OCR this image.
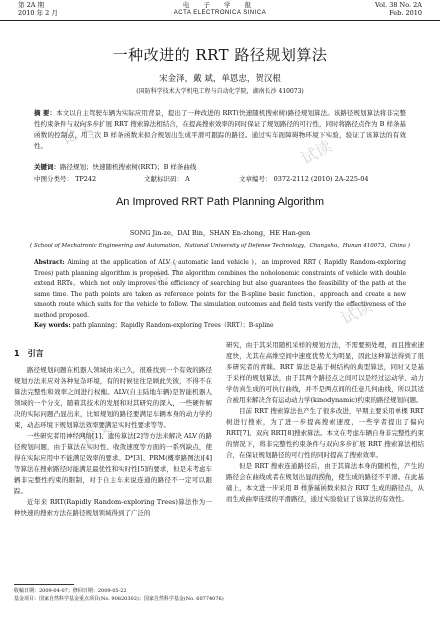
论文
试读
论文
试读
论文
试读
第 2A 期
2010 年 2 月
电 子 学 报
ACTA ELECTRONICA SINICA
Vol. 38 No. 2A
Feb. 2010
一种改进的 RRT 路径规划算法
宋金泽，戴 斌，单恩忠，贺汉根
(国防科学技术大学机电工程与自动化学院，湖南长沙 410073)
摘 要：本文以自主驾驶车辆为实际应用背景，提出了一种改进的 RRT(快速随机搜索树)路径规划算法。该路径规划算法将非完整性约束条件与双向多步扩展 RRT 搜索算法相结合，在提高搜索效率的同时保证了规划路径的可行性，同时将路径点作为 B 样条基函数的控制点，用三次 B 样条函数来拟合规划出生成平滑可跟踪的路径。通过实车面障碍物环境下实验，验证了该算法的有效性。
关键词：路径规划；快速随机搜索树(RRT)；B 样条曲线
中图分类号： TP242	文献标识码： A	文章编号： 0372-2112 (2010) 2A-225-04
An Improved RRT Path Planning Algorithm
SONG Jin-ze，DAI Bin，SHAN En-zhong，HE Han-gen
( School of Mechatronic Engineering and Automation，National University of Defense Technology，Changsha，Hunan 410073，China )
Abstract: Aiming at the application of ALV ( automatic land vehicle )，an improved RRT ( Rapidly Random-exploring Trees) path planning algorithm is proposed. The algorithm combines the noholonomic constraints of vehicle with double extend RRTs，which not only improves the efficiency of searching but also guarantees the feasibility of the path at the same time. The path points are taken as reference points for the B-spline basic function，approach and create a new smooth route which suits for the vehicle to follow. The simulation outcomes and field tests verify the effectiveness of the method proposed.
Key words: path planning；Rapidly Random-exploring Trees（RRT）；B-spline
1　引言

路径规划问题在机器人领域由来已久，很难找到一个有效的路径规划方法来应对各种复杂环境，有的时候往往是顾此失彼，不得不在算法完整性和效率之间进行权衡。ALV(自主陆地车辆)是智能机器人领域的一个分支，随着其技术的发展和对其研究的深入，一些硬件解决的实际问题凸显出来，比如规划的路径要满足车辆本身的动力学约束，动态环境下规划算法效率要满足实时性要求等等。

一些研究者用神经网络[1]、遗传算法[2]等方法来解决 ALV 的路径规划问题，由于算法在实时性、收敛速度等方面的一系列缺点，使得在实际应用中不能满足效率的要求。D*[3]、PRM(概率路图法)[4]等算法在搜索路径时能满足最优性和实时性[5]的要求，但是未考虑车辆非完整性约束的限制，对于自主车来说连通的路径不一定可以跟踪。

近年来 RRT(Rapidly Random-exploring Trees)算法作为一种快速的搜索方法在路径规划领域得到了广泛的

研究，由于其采用随机采样的规划方法，不需要预处理，而且搜索速度快，尤其在高维空间中速度优势尤为明显，因此这种算法得到了很多研究者的青睐。RRT 算法是基于树结构的典型算法，同时又是基于采样的规划算法，由于其两个路径点之间可以是经过运动学、动力学仿真生成的可执行曲线，并不是两点间的任意几何曲线，所以其适合被用来解决含有运动动力学(kinodynamic)约束的路径规划问题。

目前 RRT 搜索算法也产生了很多改进，早期主要采用单棵 RRT 树进行搜索，为了进一步提高搜索速度，一些学者提出了偏向 RRT[7]、双向 RRT[8]搜索算法。本文在考虑车辆自身非完整性约束的情况下，将非完整性约束条件与双向多步扩展 RRT 搜索算法相结合，在保证规划路径的可行性的同时提高了搜索效率。

但是 RRT 搜索连通路径后，由于其算法本身的随机性，产生的路径会在曲线或者在规划出显的拐角，使生成的路径不平滑。在此基础上，本文进一步采用 B 样条基函数来拟合 RRT 生成的路径点，从而生成曲率连续的平滑路径，通过实验验证了该算法的有效性。

收稿日期：2009-04-07；修回日期：2009-05-22
基金项目：国家自然科学基金重点项目(No. 90820302)；国家自然科学基金(No. 60774076)
